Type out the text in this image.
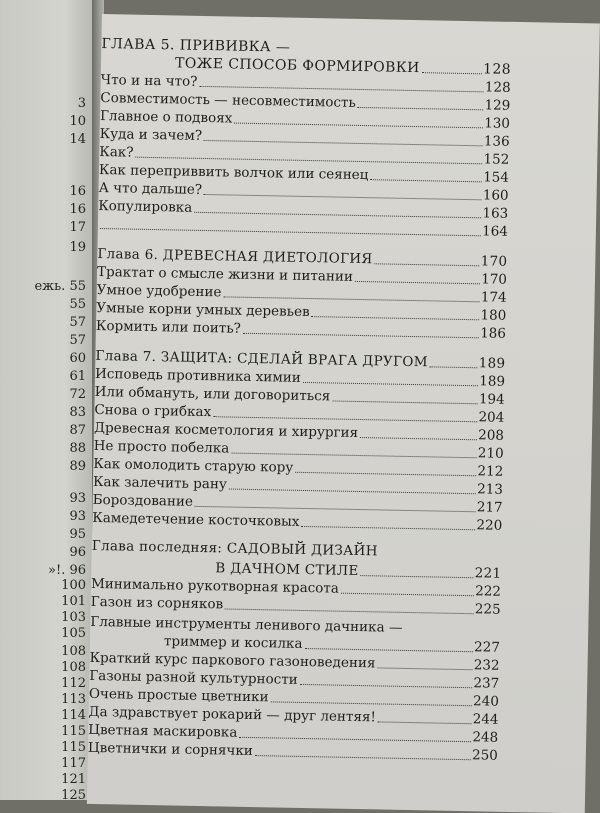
3
10
14
16
16
17
19
ежь. 55
55
57
57
60
61
72
83
87
88
89
93
93
95
96
»!. 96
100
101
103
105
108
108
112
113
114
115
115
117
121
125
ГЛАВА 5. ПРИВИВКА —
ТОЖЕ СПОСОБ ФОРМИРОВКИ	128
Что и на что?	128
Совместимость — несовместимость	129
Главное о подвоях	130
Куда и зачем?	136
Как?	152
Как переприввить волчок или сеянец	154
А что дальше?	160
Копулировка	163
164
Глава 6. ДРЕВЕСНАЯ ДИЕТОЛОГИЯ	170
Трактат о смысле жизни и питании	170
Умное удобрение	174
Умные корни умных деревьев	180
Кормить или поить?	186
Глава 7. ЗАЩИТА: СДЕЛАЙ ВРАГА ДРУГОМ	189
Исповедь противника химии	189
Или обмануть, или договориться	194
Снова о грибках	204
Древесная косметология и хирургия	208
Не просто побелка	210
Как омолодить старую кору	212
Как залечить рану	213
Бороздование	217
Камедетечение косточковых	220
Глава последняя: САДОВЫЙ ДИЗАЙН
В ДАЧНОМ СТИЛЕ	221
Минимально рукотворная красота	222
Газон из сорняков	225
Главные инструменты ленивого дачника —
триммер и косилка	227
Краткий курс паркового газоноведения	232
Газоны разной культурности	237
Очень простые цветники	240
Да здравствует рокарий — друг лентяя!	244
Цветная маскировка	248
Цветнички и сорнячки	250
